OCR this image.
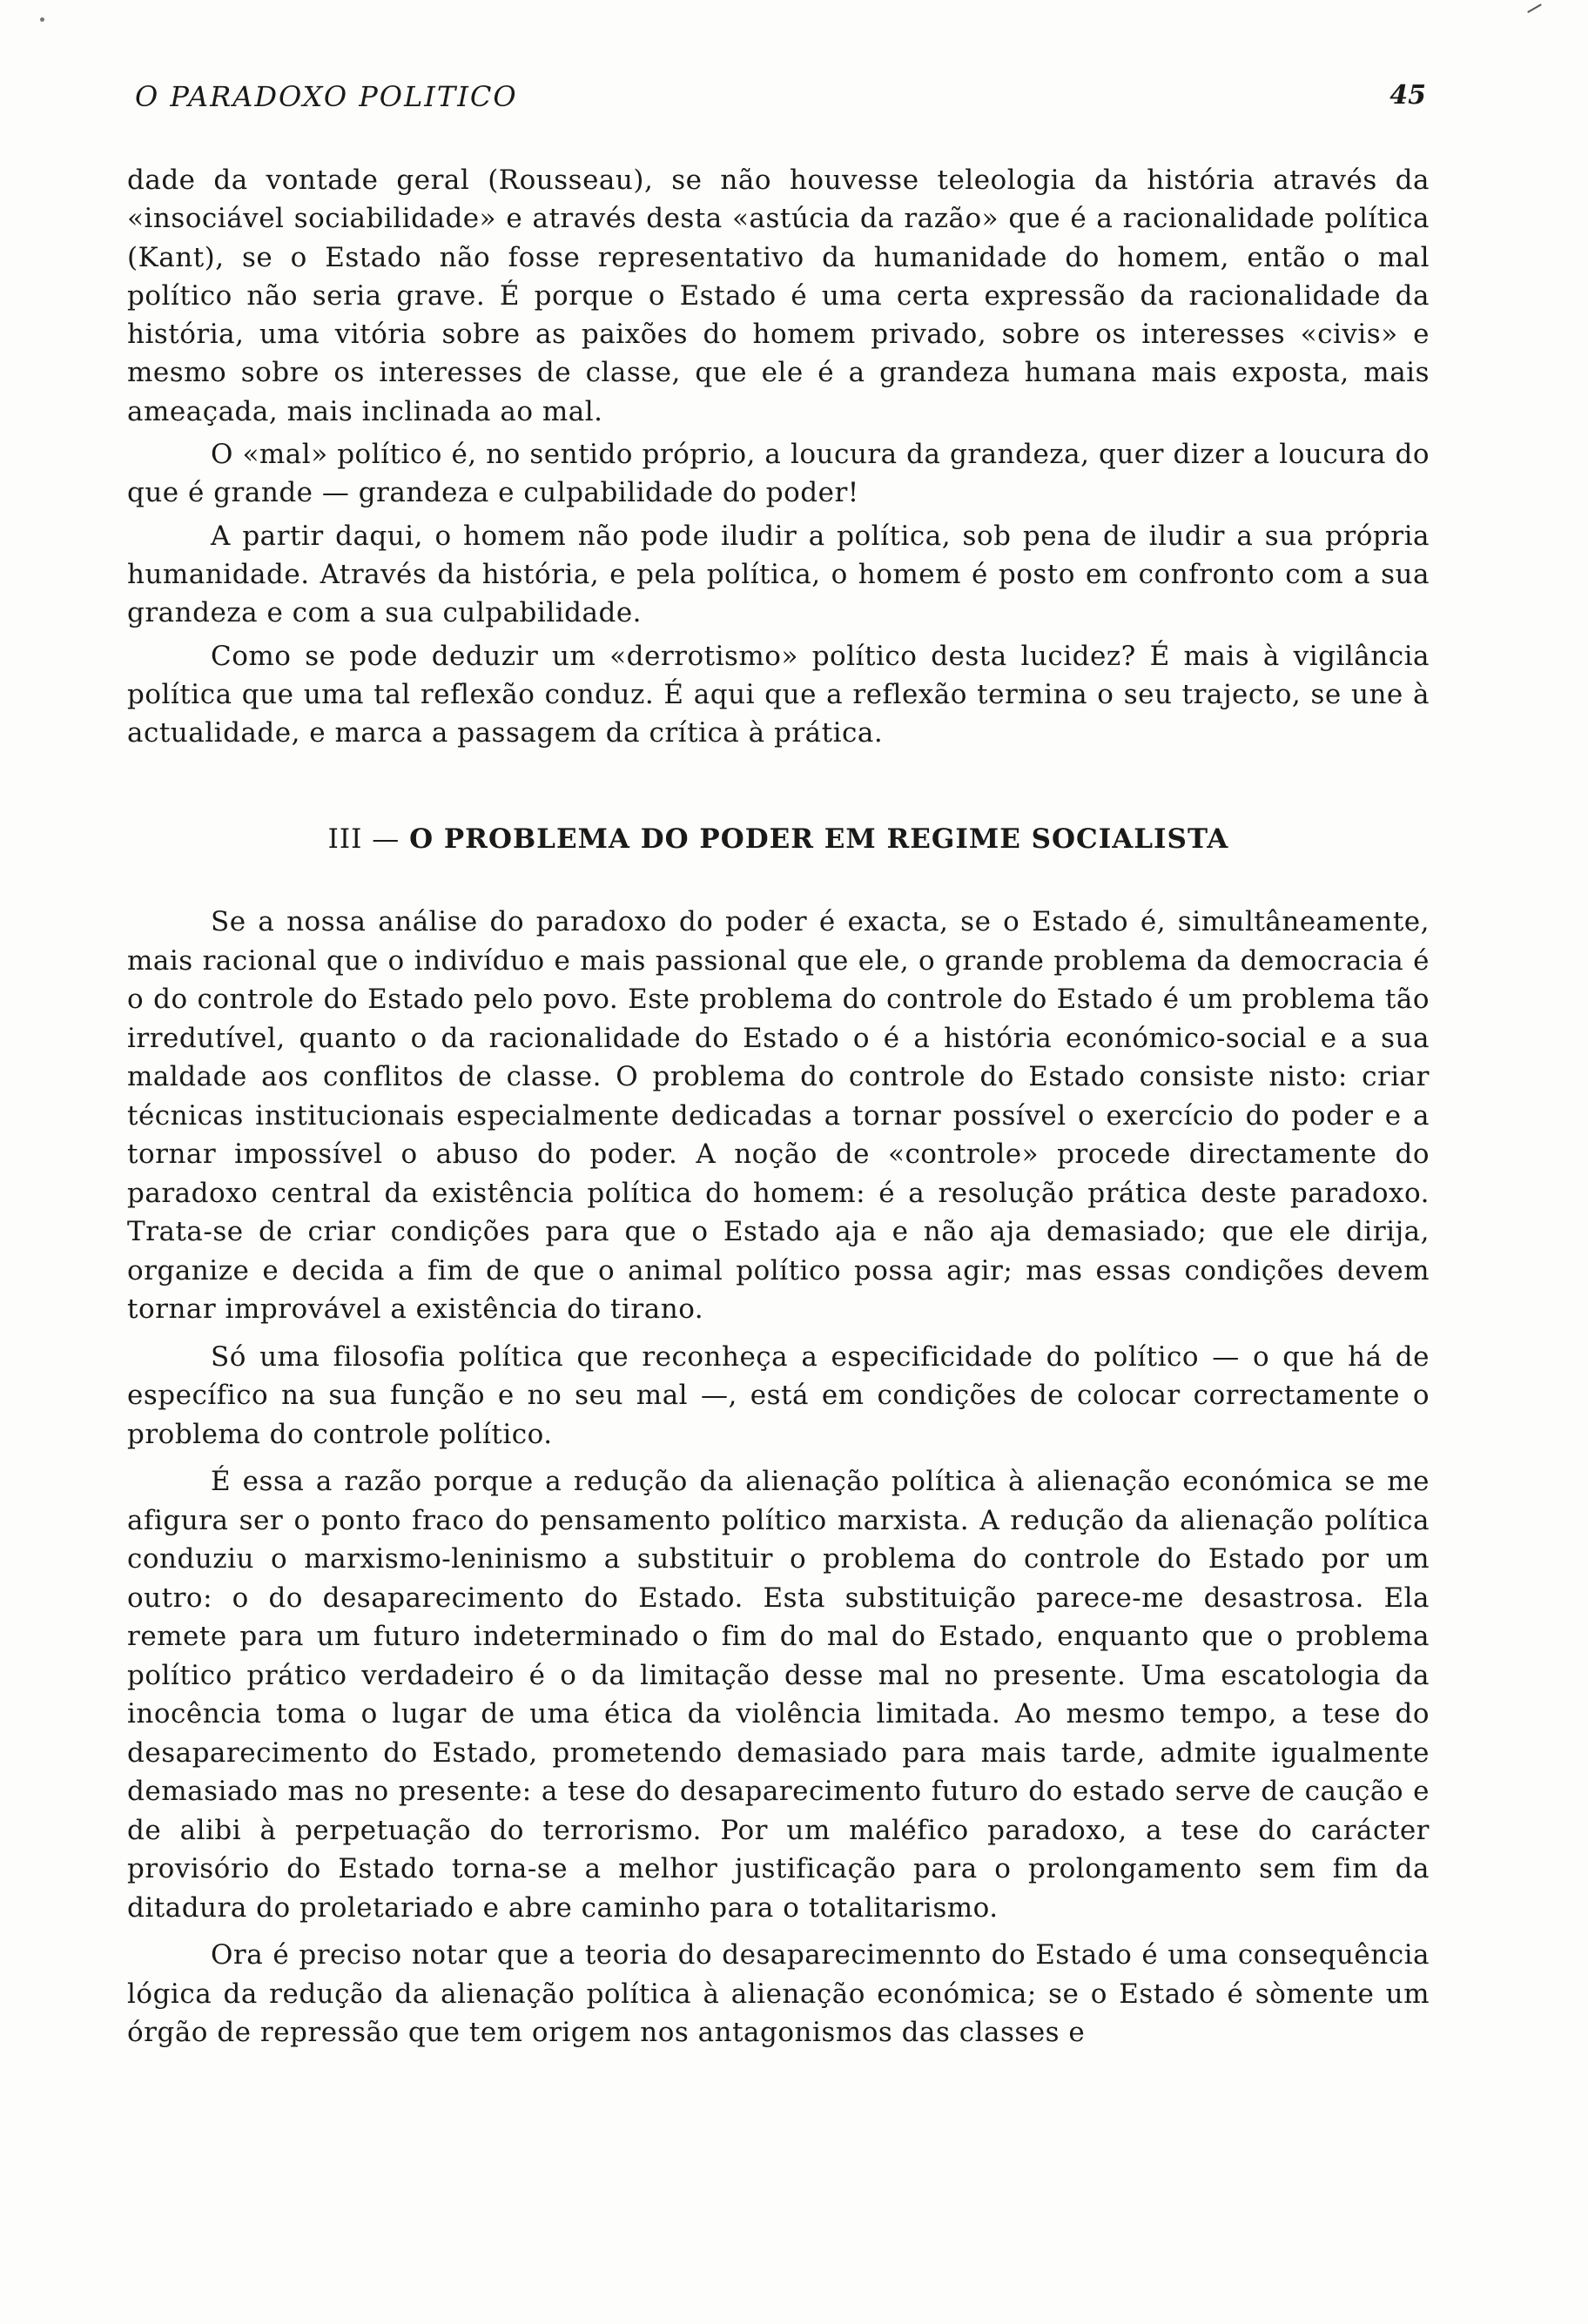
O PARADOXO POLITICO	45

dade da vontade geral (Rousseau), se não houvesse teleologia da história através da «insociável sociabilidade» e através desta «astúcia da razão» que é a racionalidade política (Kant), se o Estado não fosse representativo da humanidade do homem, então o mal político não seria grave. É porque o Estado é uma certa expressão da racionalidade da história, uma vitória sobre as paixões do homem privado, sobre os interesses «civis» e mesmo sobre os interesses de classe, que ele é a grandeza humana mais exposta, mais ameaçada, mais inclinada ao mal.

O «mal» político é, no sentido próprio, a loucura da grandeza, quer dizer a loucura do que é grande — grandeza e culpabilidade do poder!

A partir daqui, o homem não pode iludir a política, sob pena de iludir a sua própria humanidade. Através da história, e pela política, o homem é posto em confronto com a sua grandeza e com a sua culpabilidade.

Como se pode deduzir um «derrotismo» político desta lucidez? É mais à vigilância política que uma tal reflexão conduz. É aqui que a reflexão termina o seu trajecto, se une à actualidade, e marca a passagem da crítica à prática.

III — O PROBLEMA DO PODER EM REGIME SOCIALISTA

Se a nossa análise do paradoxo do poder é exacta, se o Estado é, simultâneamente, mais racional que o indivíduo e mais passional que ele, o grande problema da democracia é o do controle do Estado pelo povo. Este problema do controle do Estado é um problema tão irredutível, quanto o da racionalidade do Estado o é a história económico-social e a sua maldade aos conflitos de classe. O problema do controle do Estado consiste nisto: criar técnicas institucionais especialmente dedicadas a tornar possível o exercício do poder e a tornar impossível o abuso do poder. A noção de «controle» procede directamente do paradoxo central da existência política do homem: é a resolução prática deste paradoxo. Trata-se de criar condições para que o Estado aja e não aja demasiado; que ele dirija, organize e decida a fim de que o animal político possa agir; mas essas condições devem tornar improvável a existência do tirano.

Só uma filosofia política que reconheça a especificidade do político — o que há de específico na sua função e no seu mal —, está em condições de colocar correctamente o problema do controle político.

É essa a razão porque a redução da alienação política à alienação económica se me afigura ser o ponto fraco do pensamento político marxista. A redução da alienação política conduziu o marxismo-leninismo a substituir o problema do controle do Estado por um outro: o do desaparecimento do Estado. Esta substituição parece-me desastrosa. Ela remete para um futuro indeterminado o fim do mal do Estado, enquanto que o problema político prático verdadeiro é o da limitação desse mal no presente. Uma escatologia da inocência toma o lugar de uma ética da violência limitada. Ao mesmo tempo, a tese do desaparecimento do Estado, prometendo demasiado para mais tarde, admite igualmente demasiado mas no presente: a tese do desaparecimento futuro do estado serve de caução e de alibi à perpetuação do terrorismo. Por um maléfico paradoxo, a tese do carácter provisório do Estado torna-se a melhor justificação para o prolongamento sem fim da ditadura do proletariado e abre caminho para o totalitarismo.

Ora é preciso notar que a teoria do desaparecimennto do Estado é uma consequência lógica da redução da alienação política à alienação económica; se o Estado é sòmente um órgão de repressão que tem origem nos antagonismos das classes e
